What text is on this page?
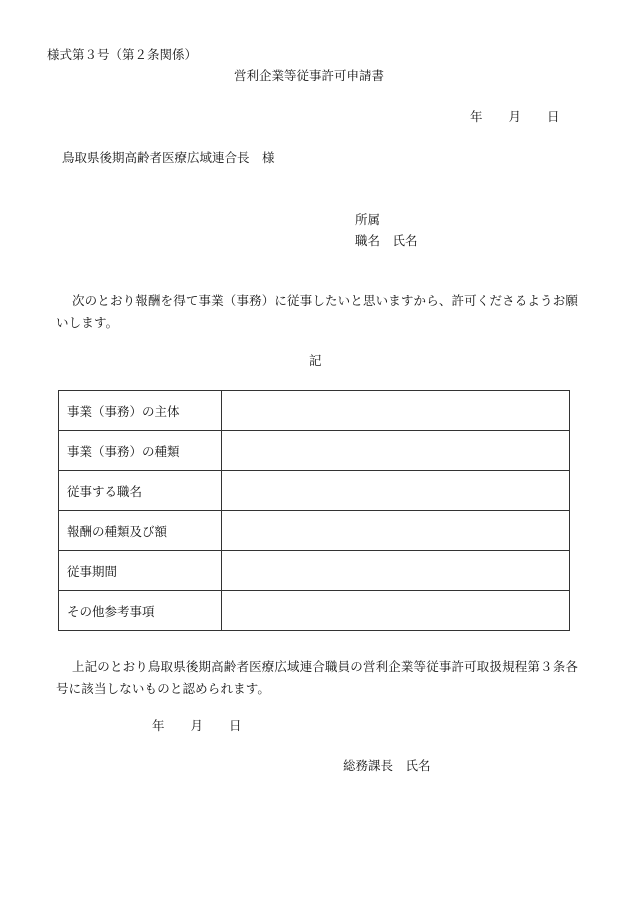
様式第３号（第２条関係）
営利企業等従事許可申請書
年 月 日
鳥取県後期高齢者医療広域連合長　様
所属
職名　氏名
次のとおり報酬を得て事業（事務）に従事したいと思いますから、許可くださるようお願いします。
記
事業（事務）の主体	
事業（事務）の種類	
従事する職名	
報酬の種類及び額	
従事期間	
その他参考事項	
上記のとおり鳥取県後期高齢者医療広域連合職員の営利企業等従事許可取扱規程第３条各号に該当しないものと認められます。
年 月 日
総務課長　氏名
